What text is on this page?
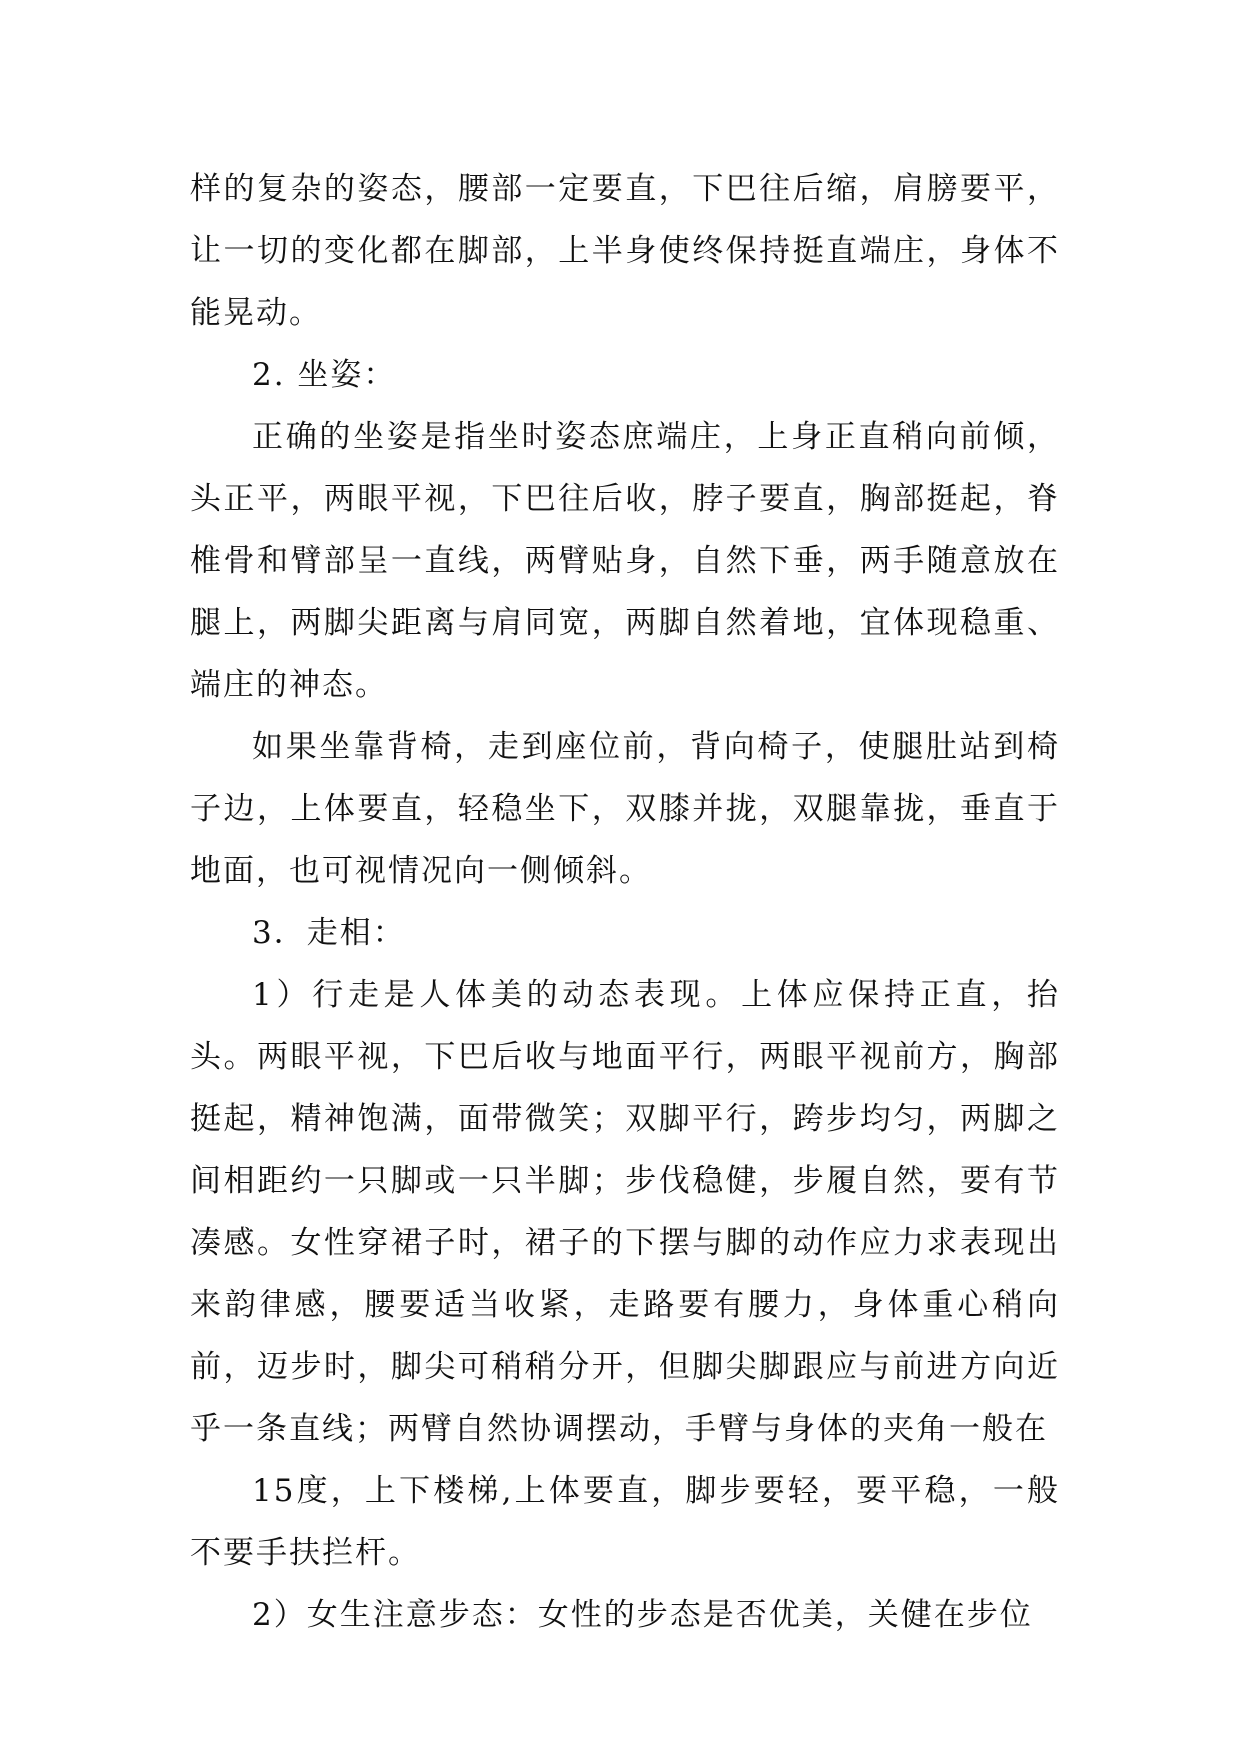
样的复杂的姿态，腰部一定要直，下巴往后缩，肩膀要平，让一切的变化都在脚部，上半身使终保持挺直端庄，身体不能晃动。

2. 坐姿：

正确的坐姿是指坐时姿态庶端庄，上身正直稍向前倾，头正平，两眼平视，下巴往后收，脖子要直，胸部挺起，脊椎骨和臂部呈一直线，两臂贴身，自然下垂，两手随意放在腿上，两脚尖距离与肩同宽，两脚自然着地，宜体现稳重、端庄的神态。

如果坐靠背椅，走到座位前，背向椅子，使腿肚站到椅子边，上体要直，轻稳坐下，双膝并拢，双腿靠拢，垂直于地面，也可视情况向一侧倾斜。

3．走相：

1）行走是人体美的动态表现。上体应保持正直，抬头。两眼平视，下巴后收与地面平行，两眼平视前方，胸部挺起，精神饱满，面带微笑；双脚平行，跨步均匀，两脚之间相距约一只脚或一只半脚；步伐稳健，步履自然，要有节凑感。女性穿裙子时，裙子的下摆与脚的动作应力求表现出来韵律感，腰要适当收紧，走路要有腰力，身体重心稍向前，迈步时，脚尖可稍稍分开，但脚尖脚跟应与前进方向近乎一条直线；两臂自然协调摆动，手臂与身体的夹角一般在

15度，上下楼梯,上体要直，脚步要轻，要平稳，一般不要手扶拦杆。

2）女生注意步态：女性的步态是否优美，关健在步位
